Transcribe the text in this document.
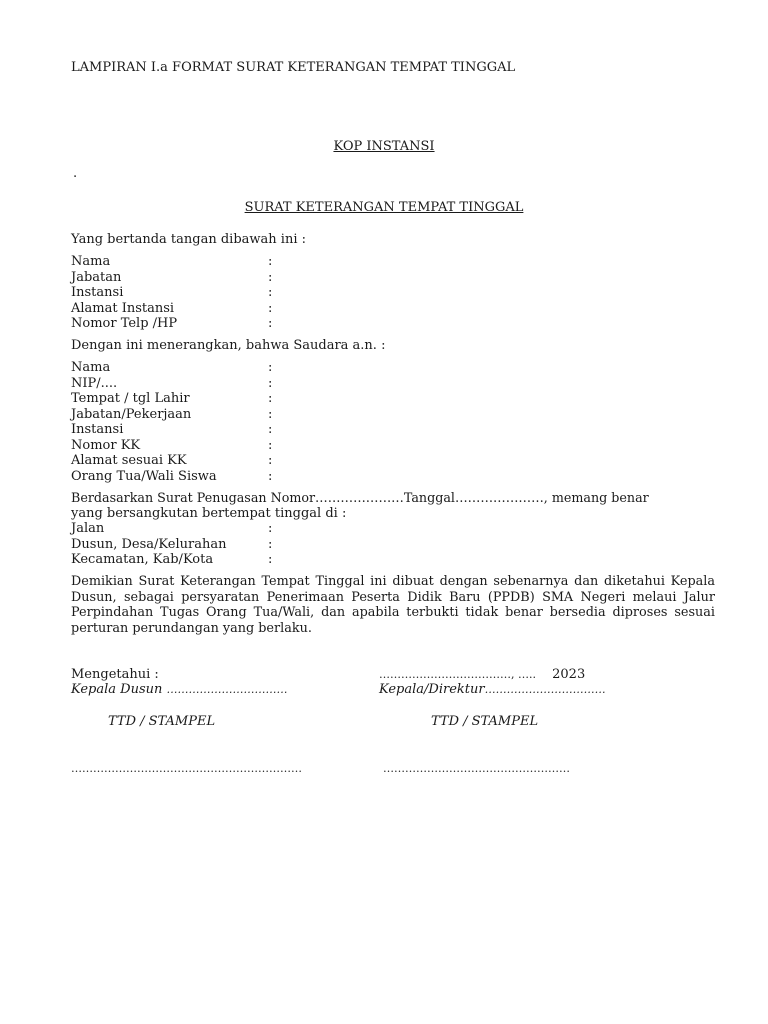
LAMPIRAN I.a FORMAT SURAT KETERANGAN TEMPAT TINGGAL
KOP INSTANSI
.
SURAT KETERANGAN TEMPAT TINGGAL
Yang bertanda tangan dibawah ini :
Nama	:
Jabatan	:
Instansi	:
Alamat Instansi	:
Nomor Telp /HP	:
Dengan ini menerangkan, bahwa Saudara a.n. :
Nama	:
NIP/....	:
Tempat / tgl Lahir	:
Jabatan/Pekerjaan	:
Instansi	:
Nomor KK	:
Alamat sesuai KK	:
Orang Tua/Wali Siswa	:
Berdasarkan Surat Penugasan Nomor…………………Tanggal…………………, memang benar
yang bersangkutan bertempat tinggal di :
Jalan	:
Dusun, Desa/Kelurahan	:
Kecamatan, Kab/Kota	:
Demikian Surat Keterangan Tempat Tinggal ini dibuat dengan sebenarnya dan diketahui Kepala Dusun, sebagai persyaratan Penerimaan Peserta Didik Baru (PPDB) SMA Negeri melaui Jalur Perpindahan Tugas Orang Tua/Wali, dan apabila terbukti tidak benar bersedia diproses sesuai perturan perundangan yang berlaku.
Mengetahui :
Kepala Dusun ……………………………
TTD / STAMPEL
………………………………………………………
………………………………, ….. 2023
Kepala/Direktur……………………………
TTD / STAMPEL
……………………………………………
